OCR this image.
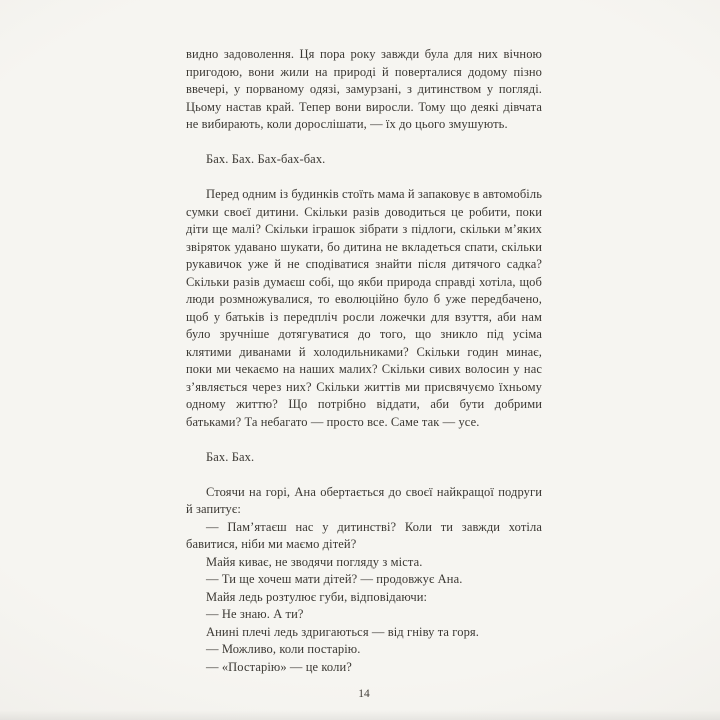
видно задоволення. Ця пора року завжди була для них вічною пригодою, вони жили на природі й поверталися додому пізно ввечері, у порваному одязі, замурзані, з дитинством у погляді. Цьому настав край. Тепер вони виросли. Тому що деякі дівчата не вибирають, коли дорослішати, — їх до цього змушують.

Бах. Бах. Бах-бах-бах.

Перед одним із будинків стоїть мама й запаковує в автомобіль сумки своєї дитини. Скільки разів доводиться це робити, поки діти ще малі? Скільки іграшок зібрати з підлоги, скільки м’яких звіряток удавано шукати, бо дитина не вкладеться спати, скільки рукавичок уже й не сподіватися знайти після дитячого садка? Скільки разів думаєш собі, що якби природа справді хотіла, щоб люди розмножувалися, то еволюційно було б уже передбачено, щоб у батьків із передпліч росли ложечки для взуття, аби нам було зручніше дотягуватися до того, що зникло під усіма клятими диванами й холодильниками? Скільки годин минає, поки ми чекаємо на наших малих? Скільки сивих волосин у нас з’являється через них? Скільки життів ми присвячуємо їхньому одному життю? Що потрібно віддати, аби бути добрими батьками? Та небагато — просто все. Саме так — усе.

Бах. Бах.

Стоячи на горі, Ана обертається до своєї найкращої подруги й запитує:

— Пам’ятаєш нас у дитинстві? Коли ти завжди хотіла бавитися, ніби ми маємо дітей?

Майя киває, не зводячи погляду з міста.

— Ти ще хочеш мати дітей? — продовжує Ана.

Майя ледь розтулює губи, відповідаючи:

— Не знаю. А ти?

Анині плечі ледь здригаються — від гніву та горя.

— Можливо, коли постарію.

— «Постарію» — це коли?

14
